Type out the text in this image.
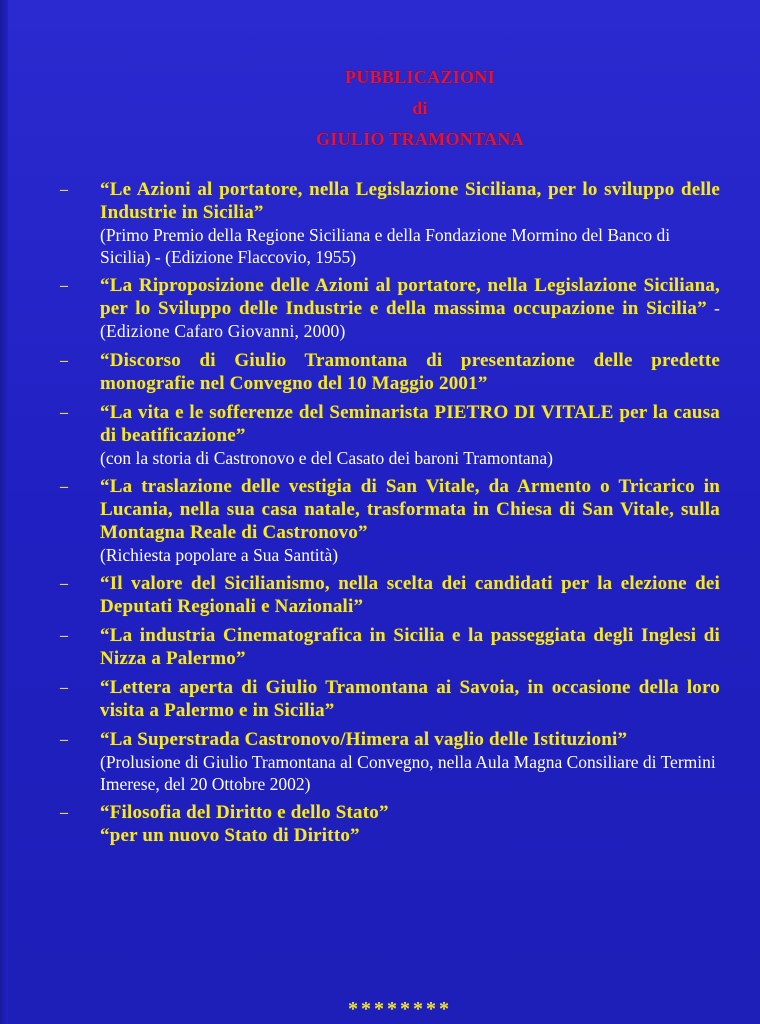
PUBBLICAZIONI
di
GIULIO TRAMONTANA
– “Le Azioni al portatore, nella Legislazione Siciliana, per lo sviluppo delle Industrie in Sicilia”
(Primo Premio della Regione Siciliana e della Fondazione Mormino del Banco di Sicilia) - (Edizione Flaccovio, 1955)
– “La Riproposizione delle Azioni al portatore, nella Legislazione Siciliana, per lo Sviluppo delle Industrie e della massima occupazione in Sicilia” - (Edizione Cafaro Giovanni, 2000)
– “Discorso di Giulio Tramontana di presentazione delle predette monografie nel Convegno del 10 Maggio 2001”
– “La vita e le sofferenze del Seminarista PIETRO DI VITALE per la causa di beatificazione”
(con la storia di Castronovo e del Casato dei baroni Tramontana)
– “La traslazione delle vestigia di San Vitale, da Armento o Tricarico in Lucania, nella sua casa natale, trasformata in Chiesa di San Vitale, sulla Montagna Reale di Castronovo”
(Richiesta popolare a Sua Santità)
– “Il valore del Sicilianismo, nella scelta dei candidati per la elezione dei Deputati Regionali e Nazionali”
– “La industria Cinematografica in Sicilia e la passeggiata degli Inglesi di Nizza a Palermo”
– “Lettera aperta di Giulio Tramontana ai Savoia, in occasione della loro visita a Palermo e in Sicilia”
– “La Superstrada Castronovo/Himera al vaglio delle Istituzioni”
(Prolusione di Giulio Tramontana al Convegno, nella Aula Magna Consiliare di Termini Imerese, del 20 Ottobre 2002)
– “Filosofia del Diritto e dello Stato”
“per un nuovo Stato di Diritto”
********
